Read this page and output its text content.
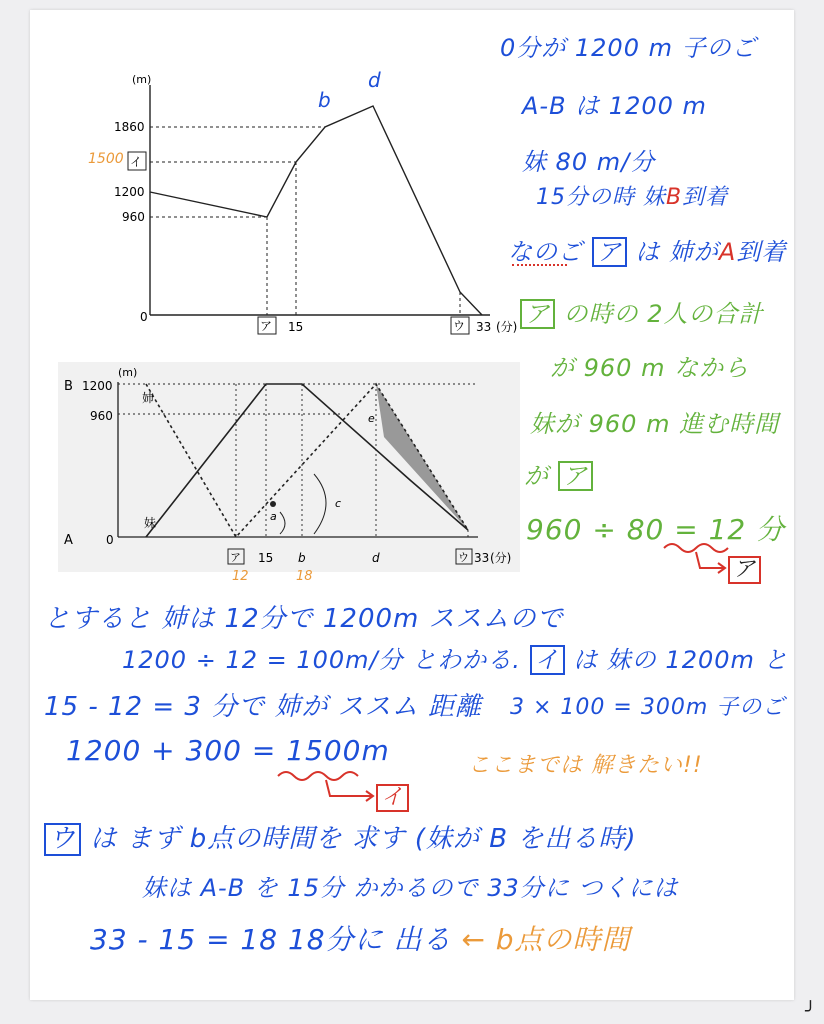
(m)
1860
イ
1500
1200
960
0
ア 15	ウ 33 (分)
b
d
(m)
B 1200
960
A	0
姉
妹
ア 15 b	d	ウ 33 (分)
a
c
e
12	18
0分が 1200 m 子のご
A-B は 1200 m
妹 80 m/分
15分の時 妹B到着
なのご ア は 姉がA到着
ア の時の 2人の合計
が 960 m なから
妹が 960 m 進む時間
が ア
960 ÷ 80 = 12 分
ア
とすると 姉は 12分で 1200m ススムので
1200 ÷ 12 = 100m/分 とわかる. イ は 妹の 1200m と
15 - 12 = 3 分で 姉が ススム 距離 3 × 100 = 300m 子のご
1200 + 300 = 1500m
イ
ここまでは 解きたい!!
ウ は まず b点の時間を 求す (妹が B を出る時)
妹は A-B を 15分 かかるので 33分に つくには
33 - 15 = 18 18分に 出る ← b点の時間
╯
